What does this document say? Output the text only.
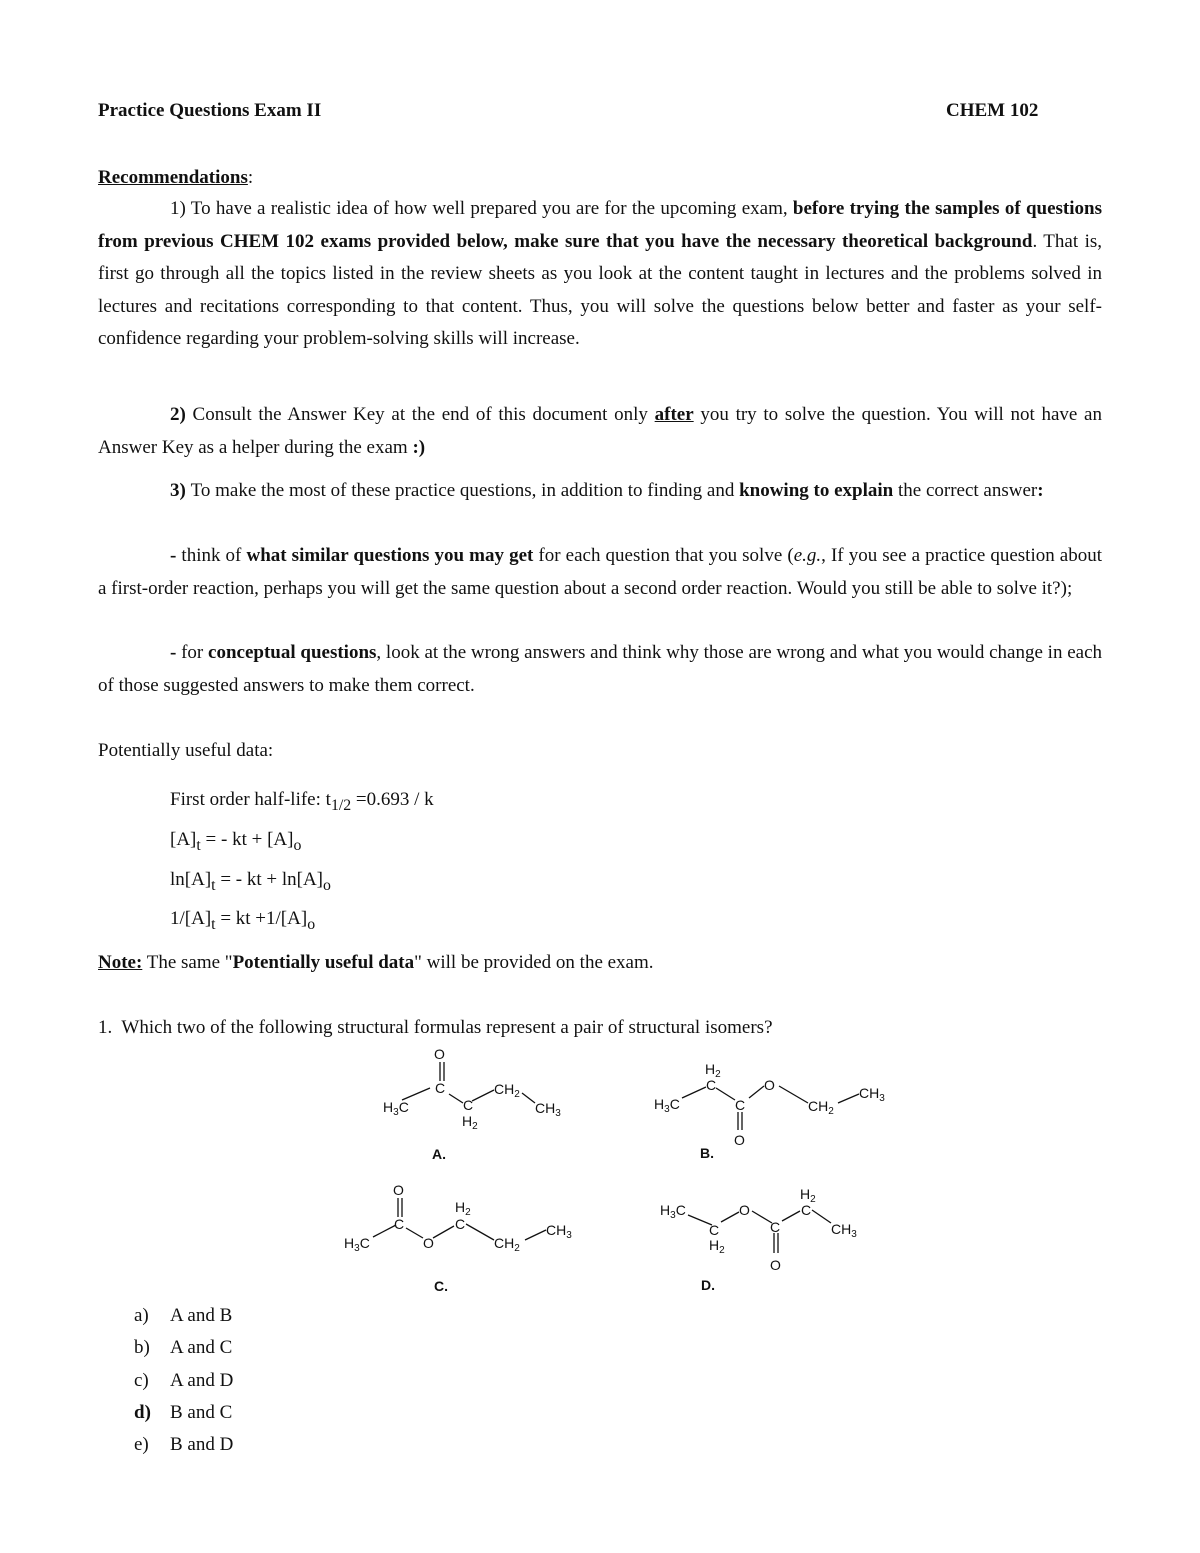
Practice Questions Exam II	CHEM 102

Recommendations:

1) To have a realistic idea of how well prepared you are for the upcoming exam, before trying the samples of questions from previous CHEM 102 exams provided below, make sure that you have the necessary theoretical background. That is, first go through all the topics listed in the review sheets as you look at the content taught in lectures and the problems solved in lectures and recitations corresponding to that content. Thus, you will solve the questions below better and faster as your self-confidence regarding your problem-solving skills will increase.

2) Consult the Answer Key at the end of this document only after you try to solve the question. You will not have an Answer Key as a helper during the exam :)

3) To make the most of these practice questions, in addition to finding and knowing to explain the correct answer:

- think of what similar questions you may get for each question that you solve (e.g., If you see a practice question about a first-order reaction, perhaps you will get the same question about a second order reaction. Would you still be able to solve it?);

- for conceptual questions, look at the wrong answers and think why those are wrong and what you would change in each of those suggested answers to make them correct.

Potentially useful data:

First order half-life: $t_{1/2} =0.693 / k$
$[A]_t$ = - kt + $[A]_o$
$\ln[A]_t$ = - kt + $\ln[A]_o$
$1/[A]_t$ = kt $+1/[A]_o$

Note: The same "Potentially useful data" will be provided on the exam.

1. Which two of the following structural formulas represent a pair of structural isomers?

O
C
$H_3C$	C
$H_2$
$CH_2$
$CH_3$
A.
$H_2$
C
$H_3C$	C
O
O
$CH_2$
$CH_3$
B.
O
C
$H_3C$	O
$H_2$
C
$CH_2$
$CH_3$
C.
$H_3C$
C
$H_2$
O
C
O
$H_2$
C
$CH_3$
D.
a) A and B
b) A and C
c) A and D
d) B and C
e) B and D
